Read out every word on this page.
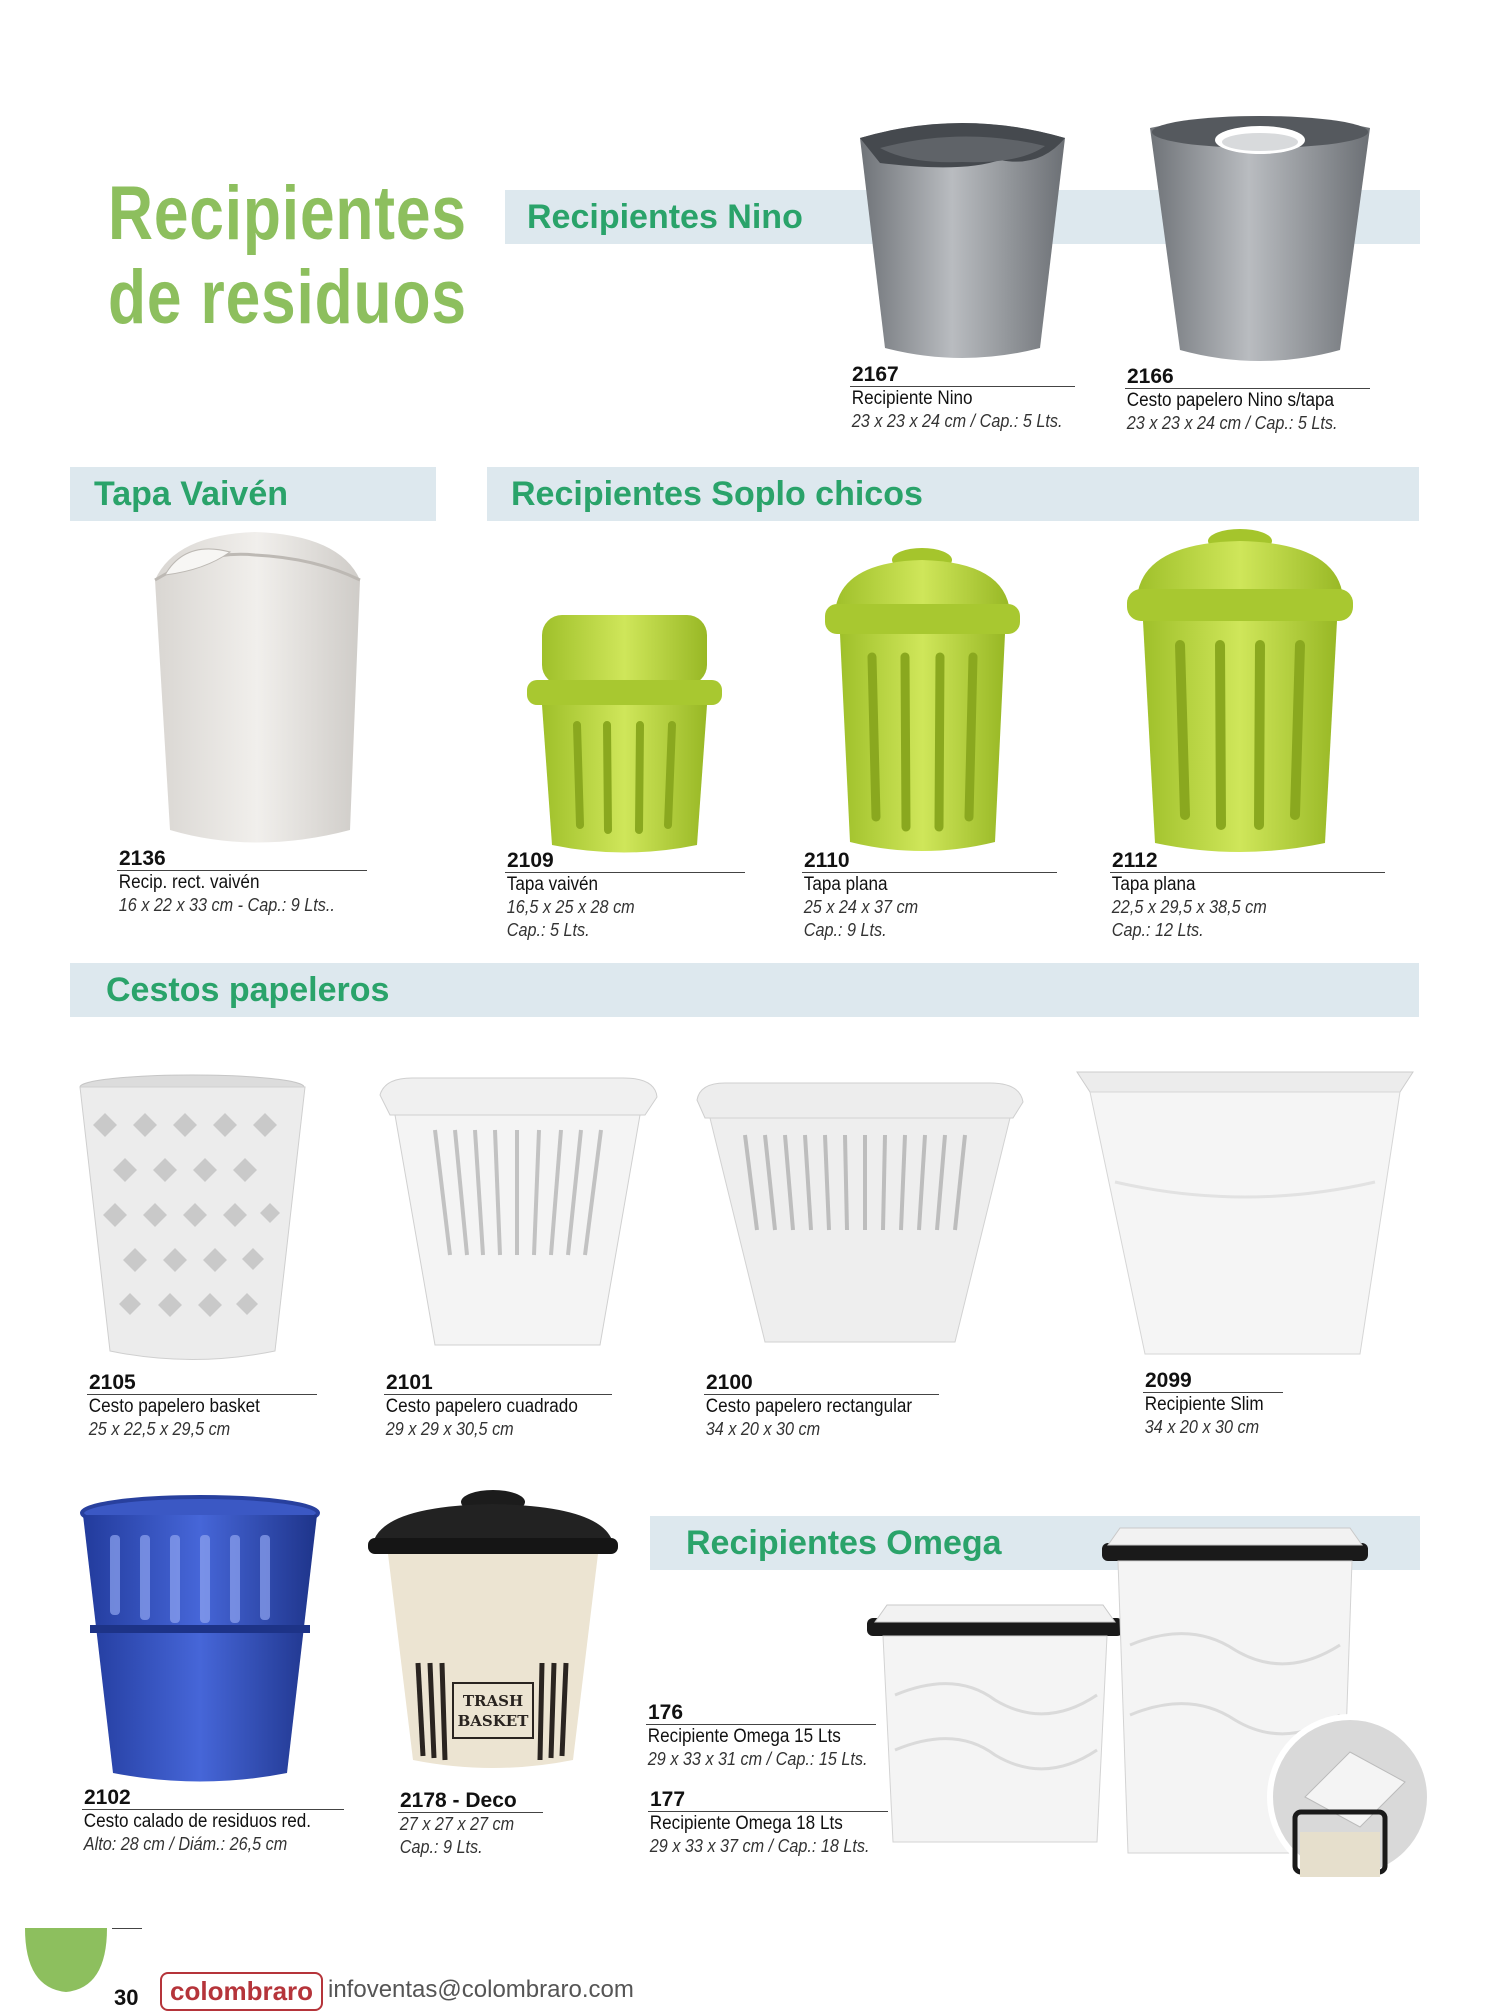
Recipientes
de residuos
Recipientes Nino
Tapa Vaivén	Recipientes Soplo chicos
Cestos papeleros
Recipientes Omega
TRASH
BASKET
2167
Recipiente Nino
23 x 23 x 24 cm / Cap.: 5 Lts.
2166
Cesto papelero Nino s/tapa
23 x 23 x 24 cm / Cap.: 5 Lts.
2136
Recip. rect. vaivén
16 x 22 x 33 cm - Cap.: 9 Lts..
2109
Tapa vaivén
16,5 x 25 x 28 cm
Cap.: 5 Lts.
2110
Tapa plana
25 x 24 x 37 cm
Cap.: 9 Lts.
2112
Tapa plana
22,5 x 29,5 x 38,5 cm
Cap.: 12 Lts.
2105
Cesto papelero basket
25 x 22,5 x 29,5 cm
2101
Cesto papelero cuadrado
29 x 29 x 30,5 cm
2100
Cesto papelero rectangular
34 x 20 x 30 cm
2099
Recipiente Slim
34 x 20 x 30 cm
2102
Cesto calado de residuos red.
Alto: 28 cm / Diám.: 26,5 cm
2178 - Deco
27 x 27 x 27 cm
Cap.: 9 Lts.
176
Recipiente Omega 15 Lts
29 x 33 x 31 cm / Cap.: 15 Lts.
177
Recipiente Omega 18 Lts
29 x 33 x 37 cm / Cap.: 18 Lts.
30	colombraro infoventas@colombraro.com
